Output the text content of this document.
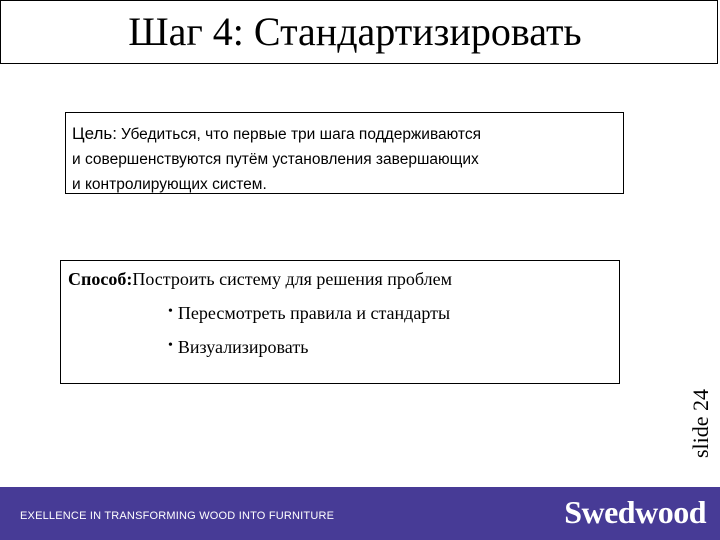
Шаг 4: Стандартизировать
Цель: Убедиться, что первые три шага поддерживаются
и совершенствуются путём установления завершающих
и контролирующих систем.
Способ:Построить систему для решения проблем
• Пересмотреть правила и стандарты
• Визуализировать
slide 24
EXELLENCE IN TRANSFORMING WOOD INTO FURNITURE	Swedwood
